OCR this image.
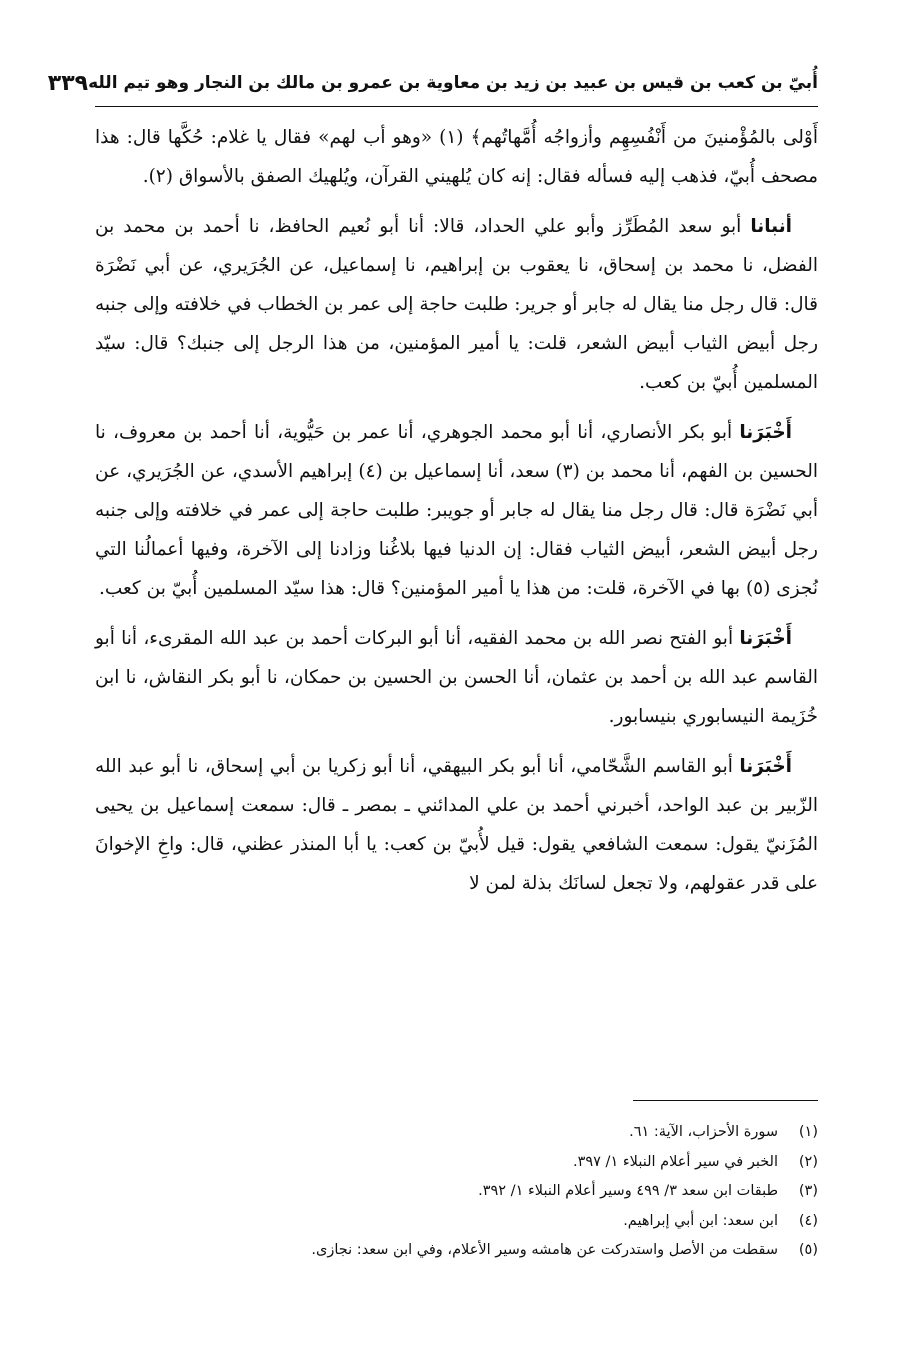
أُبيّ بن كعب بن قيس بن عبيد بن زيد بن معاوية بن عمرو بن مالك بن النجار وهو تيم الله
٣٣٩

أَوْلى بالمُؤْمنينَ من أَنْفُسِهِم وأزواجُه أُمَّهاتُهم﴾ (١) «وهو أب لهم» فقال يا غلام: حُكَّها قال: هذا مصحف أُبيّ، فذهب إليه فسأله فقال: إنه كان يُلهيني القرآن، ويُلهيك الصفق بالأسواق (٢).

أنبانا أبو سعد المُطَرِّز وأبو علي الحداد، قالا: أنا أبو نُعيم الحافظ، نا أحمد بن محمد بن الفضل، نا محمد بن إسحاق، نا يعقوب بن إبراهيم، نا إسماعيل، عن الجُرَيري، عن أبي نَضْرَة قال: قال رجل منا يقال له جابر أو جرير: طلبت حاجة إلى عمر بن الخطاب في خلافته وإلى جنبه رجل أبيض الثياب أبيض الشعر، قلت: يا أمير المؤمنين، من هذا الرجل إلى جنبك؟ قال: سيّد المسلمين أُبيّ بن كعب.

أَخْبَرَنا أبو بكر الأنصاري، أنا أبو محمد الجوهري، أنا عمر بن حَيُّوية، أنا أحمد بن معروف، نا الحسين بن الفهم، أنا محمد بن (٣) سعد، أنا إسماعيل بن (٤) إبراهيم الأسدي، عن الجُرَيري، عن أبي نَضْرَة قال: قال رجل منا يقال له جابر أو جويبر: طلبت حاجة إلى عمر في خلافته وإلى جنبه رجل أبيض الشعر، أبيض الثياب فقال: إن الدنيا فيها بلاغُنا وزادنا إلى الآخرة، وفيها أعمالُنا التي نُجزى (٥) بها في الآخرة، قلت: من هذا يا أمير المؤمنين؟ قال: هذا سيّد المسلمين أُبيّ بن كعب.

أَخْبَرَنا أبو الفتح نصر الله بن محمد الفقيه، أنا أبو البركات أحمد بن عبد الله المقرىء، أنا أبو القاسم عبد الله بن أحمد بن عثمان، أنا الحسن بن الحسين بن حمكان، نا أبو بكر النقاش، نا ابن خُزَيمة النيسابوري بنيسابور.

أَخْبَرَنا أبو القاسم الشَّحّامي، أنا أبو بكر البيهقي، أنا أبو زكريا بن أبي إسحاق، نا أبو عبد الله الزّبير بن عبد الواحد، أخبرني أحمد بن علي المدائني ـ بمصر ـ قال: سمعت إسماعيل بن يحيى المُزَنيّ يقول: سمعت الشافعي يقول: قيل لأُبيّ بن كعب: يا أبا المنذر عظني، قال: واخِ الإخوانَ على قدر عقولهم، ولا تجعل لسانَك بذلة لمن لا

(١)
سورة الأحزاب، الآية: ٦١.
(٢)
الخبر في سير أعلام النبلاء ١/ ٣٩٧.
(٣)
طبقات ابن سعد ٣/ ٤٩٩ وسير أعلام النبلاء ١/ ٣٩٢.
(٤)
ابن سعد: ابن أبي إبراهيم.
(٥)
سقطت من الأصل واستدركت عن هامشه وسير الأعلام، وفي ابن سعد: نجازى.
